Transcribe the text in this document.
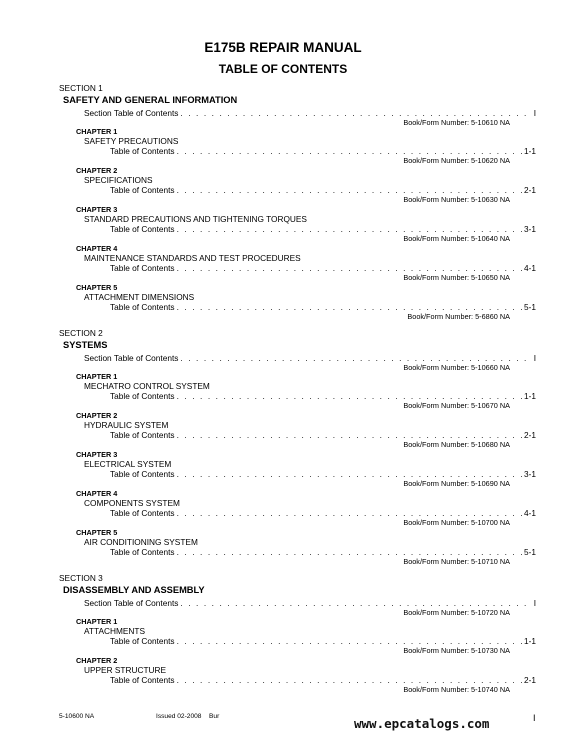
E175B REPAIR MANUAL
TABLE OF CONTENTS
SECTION 1
SAFETY AND GENERAL INFORMATION
Section Table of Contents . . .	I
Book/Form Number: 5-10610 NA
CHAPTER 1
SAFETY PRECAUTIONS
Table of Contents . . .	1-1
Book/Form Number: 5-10620 NA
CHAPTER 2
SPECIFICATIONS
Table of Contents . . .	2-1
Book/Form Number: 5-10630 NA
CHAPTER 3
STANDARD PRECAUTIONS AND TIGHTENING TORQUES
Table of Contents . . .	3-1
Book/Form Number: 5-10640 NA
CHAPTER 4
MAINTENANCE STANDARDS AND TEST PROCEDURES
Table of Contents . . .	4-1
Book/Form Number: 5-10650 NA
CHAPTER 5
ATTACHMENT DIMENSIONS
Table of Contents . . .	5-1
Book/Form Number: 5-6860 NA
SECTION 2
SYSTEMS
Section Table of Contents . . .	I
Book/Form Number: 5-10660 NA
CHAPTER 1
MECHATRO CONTROL SYSTEM
Table of Contents . . .	1-1
Book/Form Number: 5-10670 NA
CHAPTER 2
HYDRAULIC SYSTEM
Table of Contents . . .	2-1
Book/Form Number: 5-10680 NA
CHAPTER 3
ELECTRICAL SYSTEM
Table of Contents . . .	3-1
Book/Form Number: 5-10690 NA
CHAPTER 4
COMPONENTS SYSTEM
Table of Contents . . .	4-1
Book/Form Number: 5-10700 NA
CHAPTER 5
AIR CONDITIONING SYSTEM
Table of Contents . . .	5-1
Book/Form Number: 5-10710 NA
SECTION 3
DISASSEMBLY AND ASSEMBLY
Section Table of Contents . . .	I
Book/Form Number: 5-10720 NA
CHAPTER 1
ATTACHMENTS
Table of Contents . . .	1-1
Book/Form Number: 5-10730 NA
CHAPTER 2
UPPER STRUCTURE
Table of Contents . . .	2-1
Book/Form Number: 5-10740 NA
5-10600 NA	Issued 02-2008 Bur	www.epcatalogs.com	I
